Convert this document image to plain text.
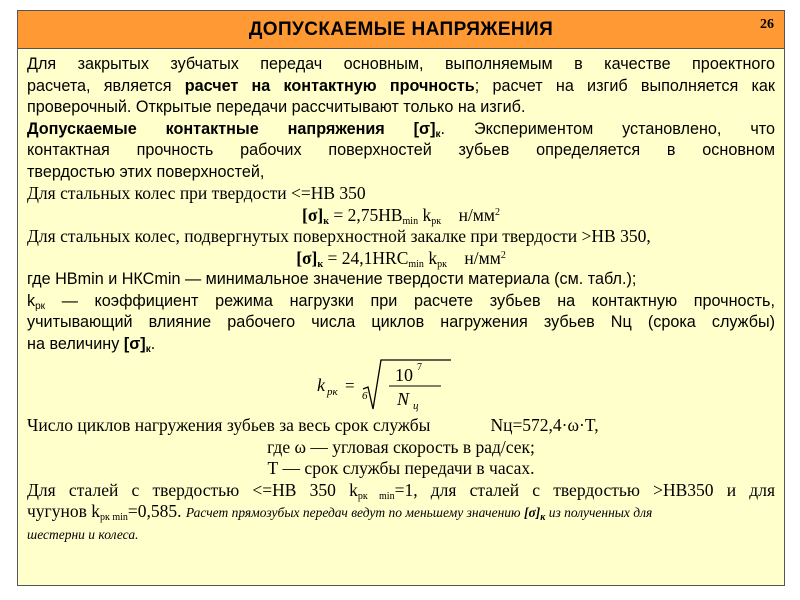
ДОПУСКАЕМЫЕ НАПРЯЖЕНИЯ	26
Для закрытых зубчатых передач основным, выполняемым в качестве проектного
расчета, является расчет на контактную прочность; расчет на изгиб выполняется как
проверочный. Открытые передачи рассчитывают только на изгиб.
Допускаемые контактные напряжения $[\sigma]_к$. Экспериментом установлено, что
контактная прочность рабочих поверхностей зубьев определяется в основном
твердостью этих поверхностей,
Для стальных колес при твердости <=НВ 350
$[\sigma]_к = 2,75НВ_{min}$ $k_{рк}$ $н/мм^2$
Для стальных колес, подвергнутых поверхностной закалке при твердости >НВ 350,
$[\sigma]_к = 24,1HRC_{min}$ $k_{рк}$ $н/мм^2$
где НВmin и НКСmin — минимальное значение твердости материала (см. табл.);
$k_{рк}$ — коэффициент режима нагрузки при расчете зубьев на контактную прочность,
учитывающий влияние рабочего числа циклов нагружения зубьев Nц (срока службы)
на величину $[\sigma]_к$.
k рк =
6
10 7
N ц
Число циклов нагружения зубьев за весь срок службы	Nц=572,4·ω·T,
где ω — угловая скорость в рад/сек;
Т — срок службы передачи в часах.
Для сталей с твердостью <=НВ 350 $k_{рк min}=1$, для сталей с твердостью >НВ350 и для
чугунов $k_{рк min}=0,585$. Расчет прямозубых передач ведут по меньшему значению $[\sigma]_к$ из полученных для
шестерни и колеса.
